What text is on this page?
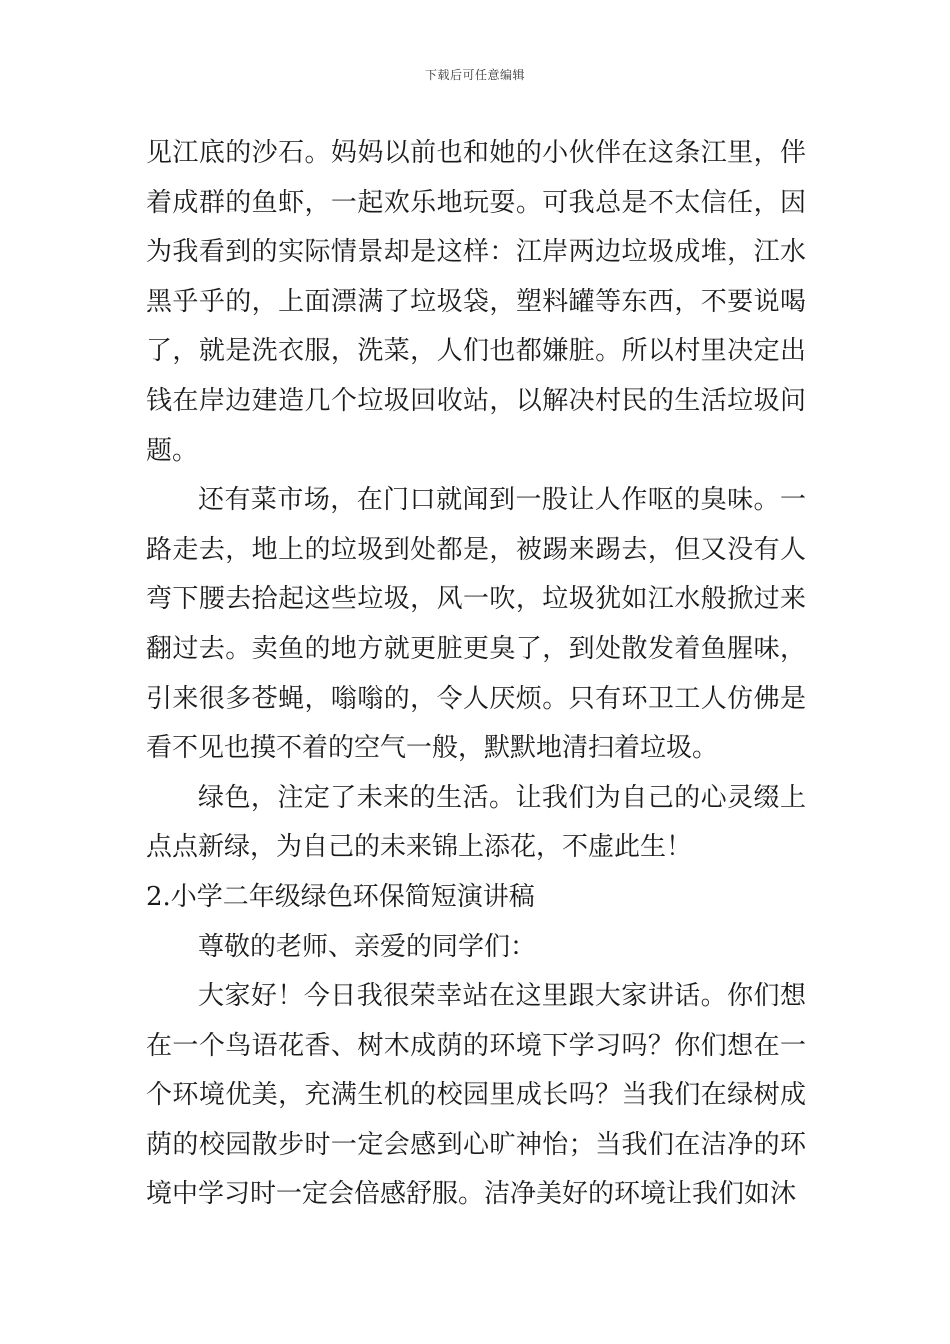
下载后可任意编辑

见江底的沙石。妈妈以前也和她的小伙伴在这条江里，伴着成群的鱼虾，一起欢乐地玩耍。可我总是不太信任，因为我看到的实际情景却是这样：江岸两边垃圾成堆，江水黑乎乎的，上面漂满了垃圾袋，塑料罐等东西，不要说喝了，就是洗衣服，洗菜，人们也都嫌脏。所以村里决定出钱在岸边建造几个垃圾回收站，以解决村民的生活垃圾问题。

还有菜市场，在门口就闻到一股让人作呕的臭味。一路走去，地上的垃圾到处都是，被踢来踢去，但又没有人弯下腰去拾起这些垃圾，风一吹，垃圾犹如江水般掀过来翻过去。卖鱼的地方就更脏更臭了，到处散发着鱼腥味，引来很多苍蝇，嗡嗡的，令人厌烦。只有环卫工人仿佛是看不见也摸不着的空气一般，默默地清扫着垃圾。

绿色，注定了未来的生活。让我们为自己的心灵缀上点点新绿，为自己的未来锦上添花，不虚此生！

2.小学二年级绿色环保简短演讲稿

尊敬的老师、亲爱的同学们：

大家好！今日我很荣幸站在这里跟大家讲话。你们想在一个鸟语花香、树木成荫的环境下学习吗？你们想在一个环境优美，充满生机的校园里成长吗？当我们在绿树成荫的校园散步时一定会感到心旷神怡；当我们在洁净的环境中学习时一定会倍感舒服。洁净美好的环境让我们如沐
